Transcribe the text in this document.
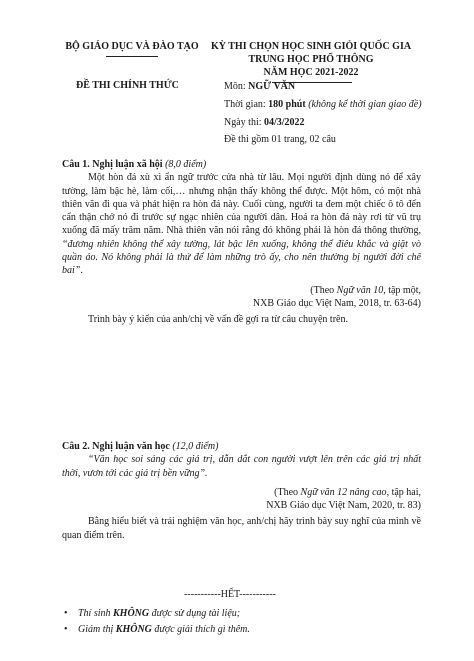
BỘ GIÁO DỤC VÀ ĐÀO TẠO	KỲ THI CHỌN HỌC SINH GIỎI QUỐC GIA
TRUNG HỌC PHỔ THÔNG
NĂM HỌC 2021-2022
ĐỀ THI CHÍNH THỨC	Môn: NGỮ VĂN
Thời gian: 180 phút (không kể thời gian giao đề)
Ngày thi: 04/3/2022
Đề thi gồm 01 trang, 02 câu
Câu 1. Nghị luận xã hội (8,0 điểm)
Một hòn đá xù xì ẩn ngữ trước cửa nhà từ lâu. Mọi người định dùng nó để xây tường, làm bậc hè, làm cối,… nhưng nhận thấy không thể được. Một hôm, có một nhà thiên văn đi qua và phát hiện ra hòn đá này. Cuối cùng, người ta đem một chiếc ô tô đến cẩn thận chở nó đi trước sự ngạc nhiên của người dân. Hoá ra hòn đá này rơi từ vũ trụ xuống đã mấy trăm năm. Nhà thiên văn nói rằng đó không phải là hòn đá thông thường, “đương nhiên không thể xây tường, lát bậc lên xuống, không thể điêu khắc và giặt vò quần áo. Nó không phải là thứ để làm những trò ấy, cho nên thường bị người đời chê bai”.
(Theo Ngữ văn 10, tập một,
NXB Giáo dục Việt Nam, 2018, tr. 63-64)
Trình bày ý kiến của anh/chị về vấn đề gợi ra từ câu chuyện trên.
Câu 2. Nghị luận văn học (12,0 điểm)
“Văn học soi sáng các giá trị, dẫn dắt con người vượt lên trên các giá trị nhất thời, vươn tới các giá trị bền vững”.
(Theo Ngữ văn 12 nâng cao, tập hai,
NXB Giáo dục Việt Nam, 2020, tr. 83)
Bằng hiểu biết và trải nghiệm văn học, anh/chị hãy trình bày suy nghĩ của mình về quan điểm trên.
-----------HẾT-----------
• Thí sinh KHÔNG được sử dụng tài liệu;
• Giám thị KHÔNG được giải thích gì thêm.
